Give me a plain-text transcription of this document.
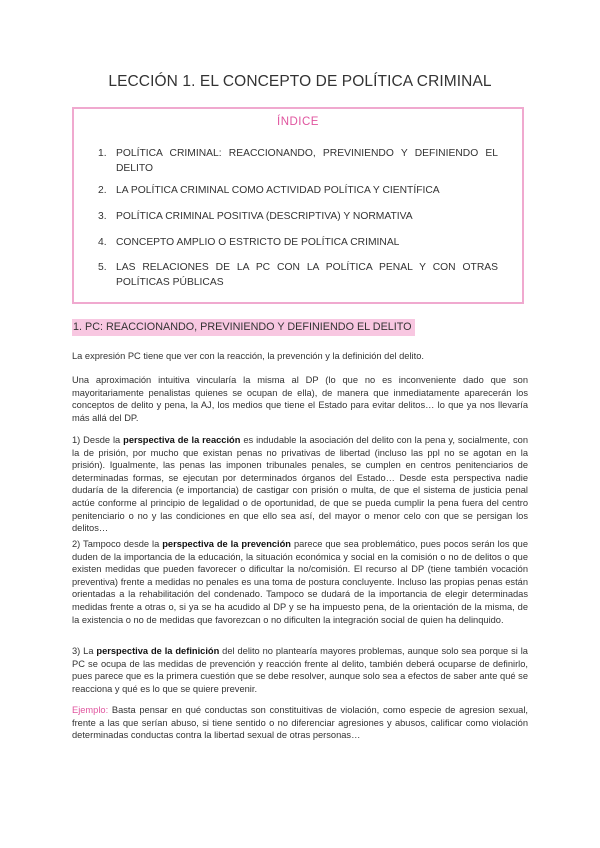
LECCIÓN 1. EL CONCEPTO DE POLÍTICA CRIMINAL
ÍNDICE
1. POLÍTICA CRIMINAL: REACCIONANDO, PREVINIENDO Y DEFINIENDO EL DELITO
2. LA POLÍTICA CRIMINAL COMO ACTIVIDAD POLÍTICA Y CIENTÍFICA
3. POLÍTICA CRIMINAL POSITIVA (DESCRIPTIVA) Y NORMATIVA
4. CONCEPTO AMPLIO O ESTRICTO DE POLÍTICA CRIMINAL
5. LAS RELACIONES DE LA PC CON LA POLÍTICA PENAL Y CON OTRAS POLÍTICAS PÚBLICAS
1. PC: REACCIONANDO, PREVINIENDO Y DEFINIENDO EL DELITO
La expresión PC tiene que ver con la reacción, la prevención y la definición del delito.
Una aproximación intuitiva vincularía la misma al DP (lo que no es inconveniente dado que son mayoritariamente penalistas quienes se ocupan de ella), de manera que inmediatamente aparecerán los conceptos de delito y pena, la AJ, los medios que tiene el Estado para evitar delitos… lo que ya nos llevaría más allá del DP.
1) Desde la perspectiva de la reacción es indudable la asociación del delito con la pena y, socialmente, con la de prisión, por mucho que existan penas no privativas de libertad (incluso las ppl no se agotan en la prisión). Igualmente, las penas las imponen tribunales penales, se cumplen en centros penitenciarios de determinadas formas, se ejecutan por determinados órganos del Estado… Desde esta perspectiva nadie dudaría de la diferencia (e importancia) de castigar con prisión o multa, de que el sistema de justicia penal actúe conforme al principio de legalidad o de oportunidad, de que se pueda cumplir la pena fuera del centro penitenciario o no y las condiciones en que ello sea así, del mayor o menor celo con que se persigan los delitos…
2) Tampoco desde la perspectiva de la prevención parece que sea problemático, pues pocos serán los que duden de la importancia de la educación, la situación económica y social en la comisión o no de delitos o que existen medidas que pueden favorecer o dificultar la no/comisión. El recurso al DP (tiene también vocación preventiva) frente a medidas no penales es una toma de postura concluyente. Incluso las propias penas están orientadas a la rehabilitación del condenado. Tampoco se dudará de la importancia de elegir determinadas medidas frente a otras o, si ya se ha acudido al DP y se ha impuesto pena, de la orientación de la misma, de la existencia o no de medidas que favorezcan o no dificulten la integración social de quien ha delinquido.
3) La perspectiva de la definición del delito no plantearía mayores problemas, aunque solo sea porque si la PC se ocupa de las medidas de prevención y reacción frente al delito, también deberá ocuparse de definirlo, pues parece que es la primera cuestión que se debe resolver, aunque solo sea a efectos de saber ante qué se reacciona y qué es lo que se quiere prevenir.
Ejemplo: Basta pensar en qué conductas son constituitivas de violación, como especie de agresion sexual, frente a las que serían abuso, si tiene sentido o no diferenciar agresiones y abusos, calificar como violación determinadas conductas contra la libertad sexual de otras personas…
